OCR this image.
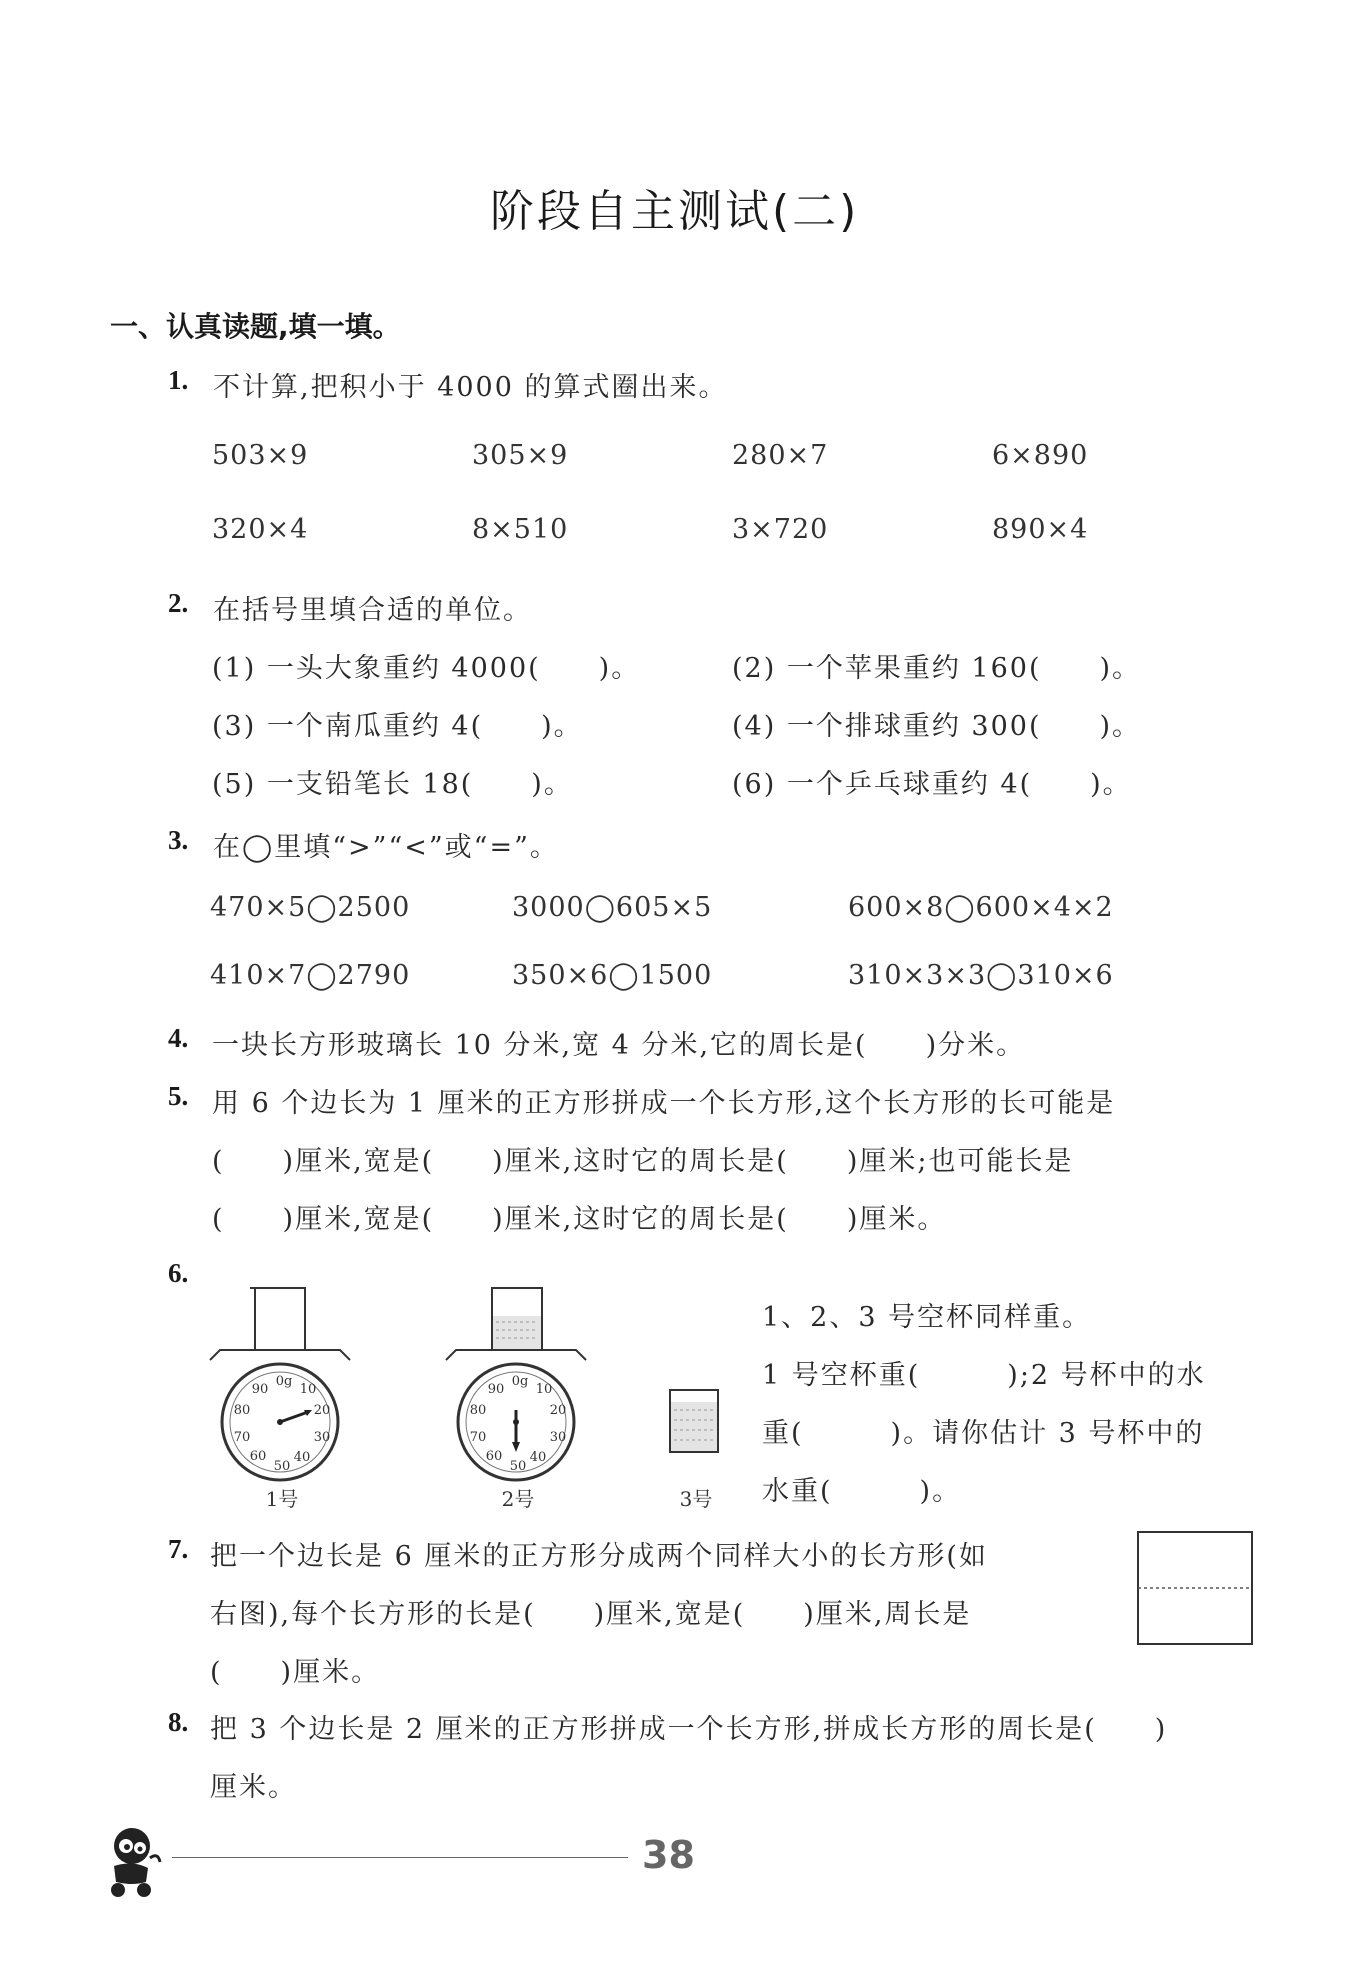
阶段自主测试(二)
一、认真读题,填一填。
1. 不计算,把积小于 4000 的算式圈出来。
503×9	305×9	280×7	6×890
320×4	8×510	3×720	890×4
2. 在括号里填合适的单位。
(1) 一头大象重约 4000(　　)。	(2) 一个苹果重约 160(　　)。
(3) 一个南瓜重约 4(　　)。	(4) 一个排球重约 300(　　)。
(5) 一支铅笔长 18(　　)。	(6) 一个乒乓球重约 4(　　)。
3. 在◯里填“>”“<”或“=”。
470×5◯2500	3000◯605×5	600×8◯600×4×2
410×7◯2790	350×6◯1500	310×3×3◯310×6
4. 一块长方形玻璃长 10 分米,宽 4 分米,它的周长是(　　)分米。
5. 用 6 个边长为 1 厘米的正方形拼成一个长方形,这个长方形的长可能是
(　　)厘米,宽是(　　)厘米,这时它的周长是(　　)厘米;也可能长是
(　　)厘米,宽是(　　)厘米,这时它的周长是(　　)厘米。
6.
0g
10
20
30
40
50
60
70
80
90
0g
10
20
30
40
50
60
70
80
90
1号	2号	3号
1、2、3 号空杯同样重。
1 号空杯重(　　　);2 号杯中的水
重(　　　)。请你估计 3 号杯中的
水重(　　　)。
7. 把一个边长是 6 厘米的正方形分成两个同样大小的长方形(如
右图),每个长方形的长是(　　)厘米,宽是(　　)厘米,周长是
(　　)厘米。
8. 把 3 个边长是 2 厘米的正方形拼成一个长方形,拼成长方形的周长是(　　)
厘米。
38
